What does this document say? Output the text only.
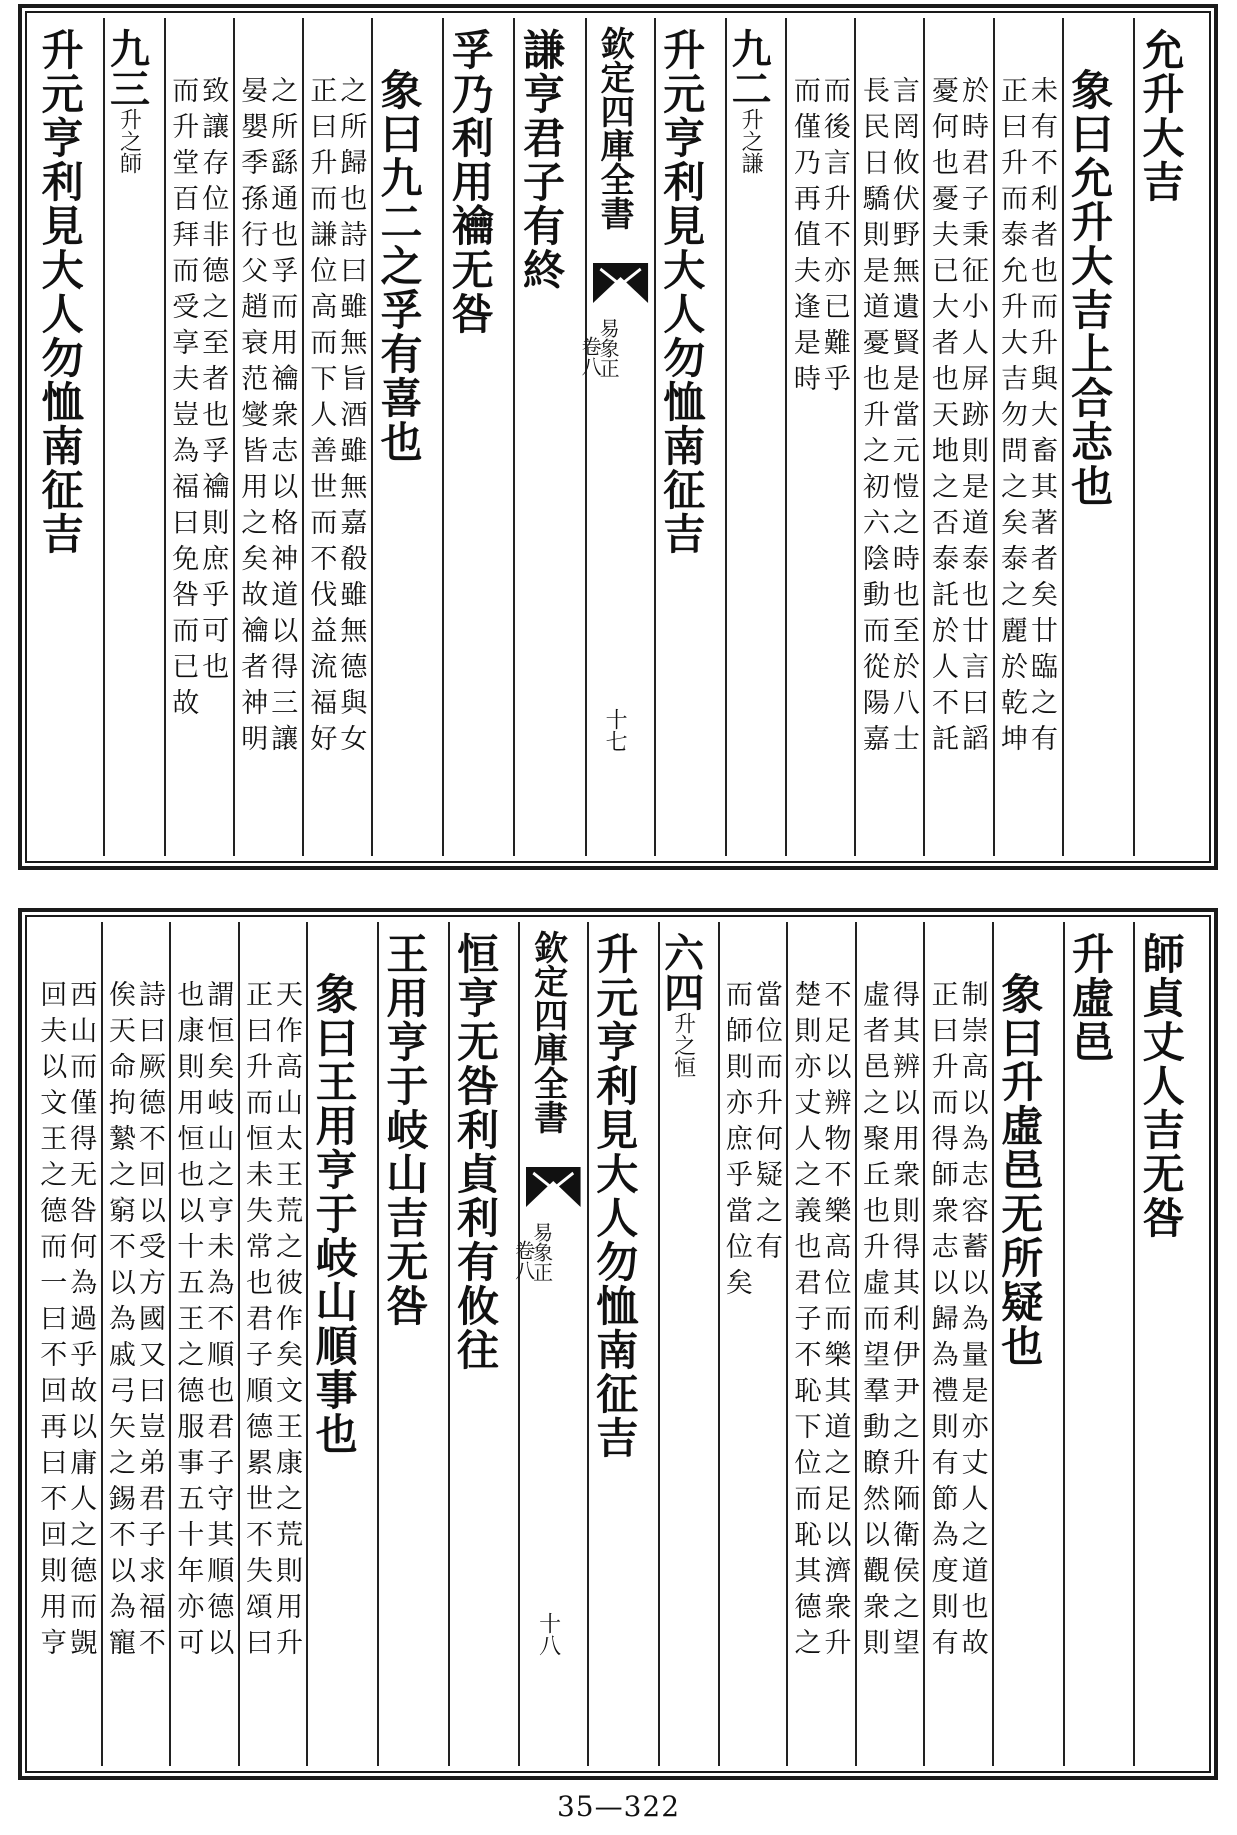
允升大吉
象曰允升大吉上合志也
正曰升而泰允升大吉勿問之矣泰之麗於乾坤 未有不利者也而升與大畜其著者矣廿臨之有
憂何也憂夫已大者也天地之否泰託於人不託 於時君子秉征小人屏跡則是道泰也廿言曰謟
長民日驕則是道憂也升之初六陰動而從陽嘉 言罔攸伏野無遺賢是當元愷之時也至於八士
而僅乃再值夫逢是時 而後言升不亦已難乎
九二
升之謙
升元亨利見大人勿恤南征吉
欽定四庫全書
易象正
卷八
十七
謙亨君子有終
孚乃利用禴无咎
象曰九二之孚有喜也
正曰升而謙位高而下人善世而不伐益流福好 之所歸也詩曰雖無旨酒雖無嘉殽雖無德與女
晏嬰季孫行父趙衰范燮皆用之矣故禴者神明 之所繇通也孚而用禴衆志以格神道以得三讓
而升堂百拜而受享夫豈為福曰免咎而已故 致讓存位非德之至者也孚禴則庶乎可也
九三
升之師
升元亨利見大人勿恤南征吉
師貞丈人吉无咎
升虛邑
象曰升虛邑无所疑也
正曰升而得師衆志以歸為禮則有節為度則有 制崇高以為志容蓄以為量是亦丈人之道也故
虛者邑之聚丘也升虛而望羣動瞭然以觀衆則 得其辨以用衆則得其利伊尹之升陑衛侯之望
楚則亦丈人之義也君子不恥下位而恥其德之 不足以辨物不樂高位而樂其道之足以濟衆升
而師則亦庶乎當位矣 當位而升何疑之有
六四
升之恒
升元亨利見大人勿恤南征吉
欽定四庫全書
易象正
卷八
十八
恒亨无咎利貞利有攸往
王用亨于岐山吉无咎
象曰王用亨于岐山順事也
正曰升而恒未失常也君子順德累世不失頌曰 天作高山太王荒之彼作矣文王康之荒則用升
也康則用恒也以十五王之德服事五十年亦可 謂恒矣岐山之亨未為不順也君子守其順德以
俟天命拘縶之窮不以為戚弓矢之錫不以為寵 詩曰厥德不回以受方國又曰豈弟君子求福不
回夫以文王之德而一曰不回再曰不回則用亨 西山而僅得无咎何為過乎故以庸人之德而覬
35—322
